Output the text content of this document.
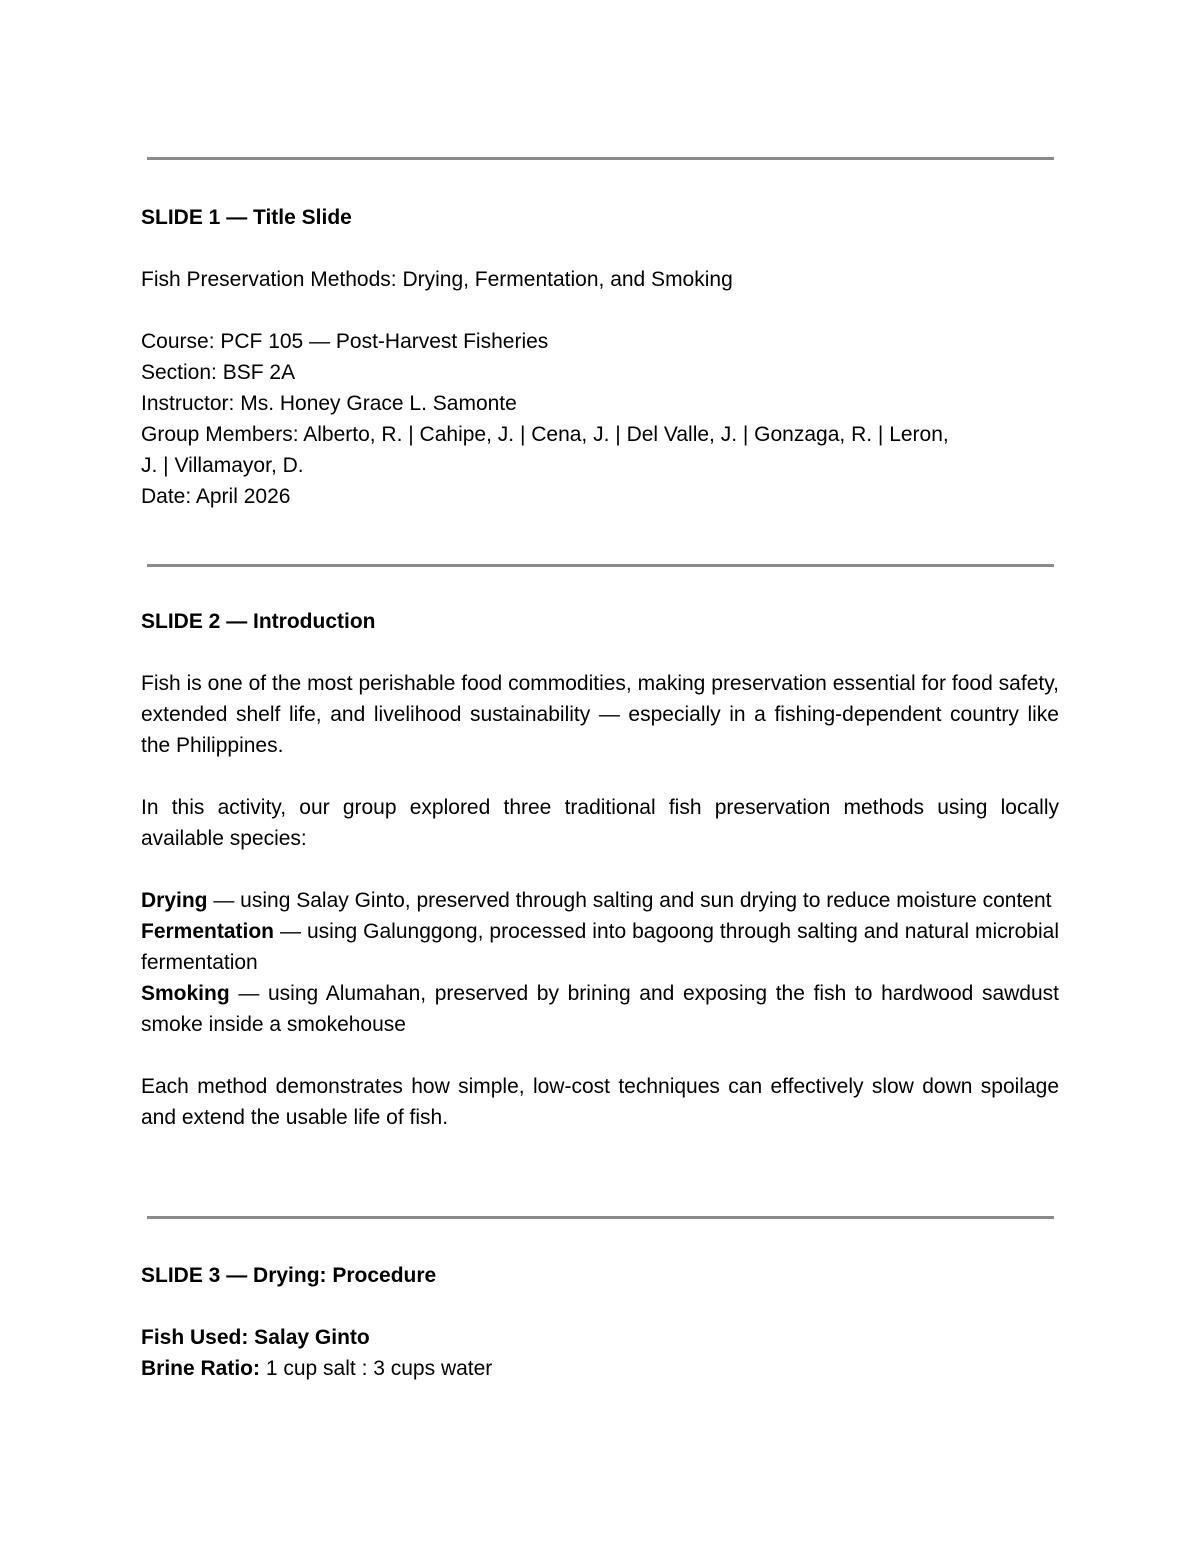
SLIDE 1 — Title Slide

Fish Preservation Methods: Drying, Fermentation, and Smoking

Course: PCF 105 — Post-Harvest Fisheries

Section: BSF 2A

Instructor: Ms. Honey Grace L. Samonte

Group Members: Alberto, R. | Cahipe, J. | Cena, J. | Del Valle, J. | Gonzaga, R. | Leron,

J. | Villamayor, D.

Date: April 2026

SLIDE 2 — Introduction

Fish is one of the most perishable food commodities, making preservation essential for food safety, extended shelf life, and livelihood sustainability — especially in a fishing-dependent country like the Philippines.

In this activity, our group explored three traditional fish preservation methods using locally available species:

Drying — using Salay Ginto, preserved through salting and sun drying to reduce moisture content

Fermentation — using Galunggong, processed into bagoong through salting and natural microbial fermentation

Smoking — using Alumahan, preserved by brining and exposing the fish to hardwood sawdust smoke inside a smokehouse

Each method demonstrates how simple, low-cost techniques can effectively slow down spoilage and extend the usable life of fish.

SLIDE 3 — Drying: Procedure

Fish Used: Salay Ginto

Brine Ratio: 1 cup salt : 3 cups water
